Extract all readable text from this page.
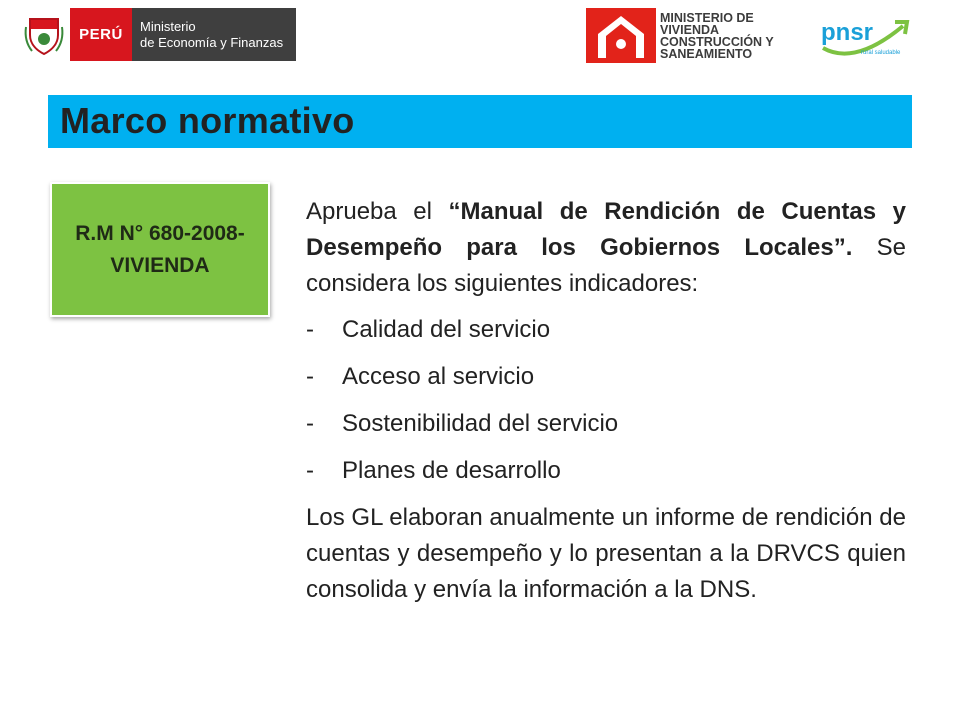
PERÚ	Ministerio
de Economía y Finanzas
MINISTERIO DE
VIVIENDA
CONSTRUCCIÓN Y
SANEAMIENTO
pnsr
rural saludable
Marco normativo
R.M N° 680-2008-VIVIENDA

Aprueba el “Manual de Rendición de Cuentas y Desempeño para los Gobiernos Locales”. Se considera los siguientes indicadores:

-	Calidad del servicio
-	Acceso al servicio
-	Sostenibilidad del servicio
-	Planes de desarrollo

Los GL elaboran anualmente un informe de rendición de cuentas y desempeño y lo presentan a la DRVCS quien consolida y envía la información a la DNS.
